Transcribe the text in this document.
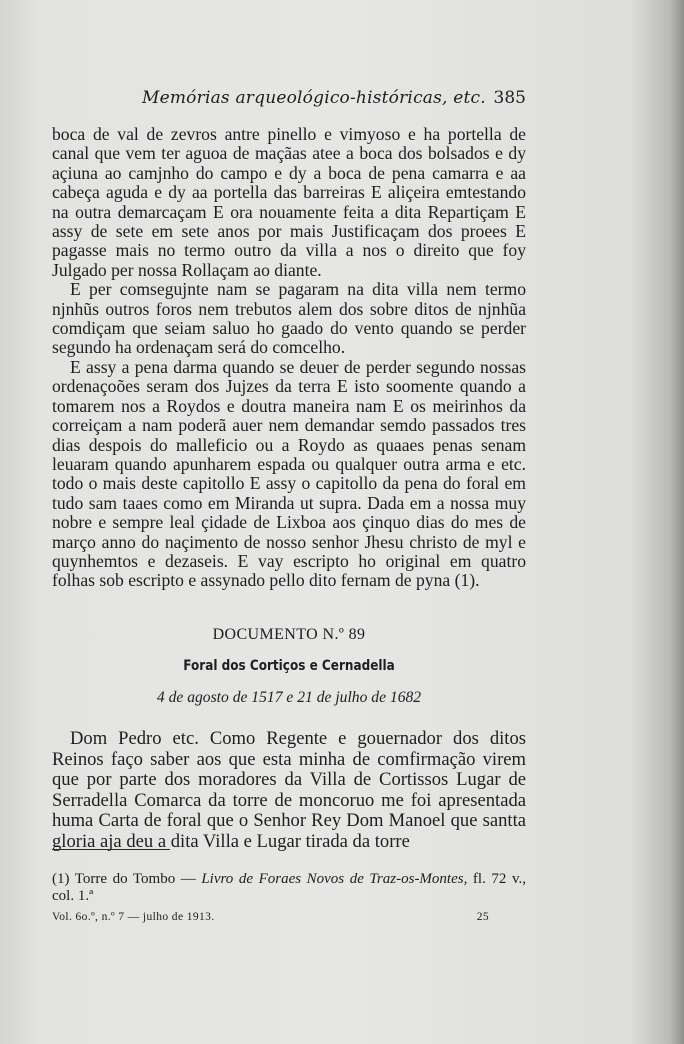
Memórias arqueológico-históricas, etc. 385

boca de val de zevros antre pinello e vimyoso e ha portella de canal que vem ter aguoa de maçãas atee a boca dos bolsados e dy açiuna ao camjnho do campo e dy a boca de pena camarra e aa cabeça aguda e dy aa portella das barreiras E aliçeira emtestando na outra demarcaçam E ora nouamente feita a dita Repartiçam E assy de sete em sete anos por mais Justificaçam dos proees E pagasse mais no termo outro da villa a nos o direito que foy Julgado per nossa Rollaçam ao diante.

E per comsegujnte nam se pagaram na dita villa nem termo njnhũs outros foros nem trebutos alem dos sobre ditos de njnhũa comdiçam que seiam saluo ho gaado do vento quando se perder segundo ha ordenaçam será do comcelho.

E assy a pena darma quando se deuer de perder segundo nossas ordenaçoões seram dos Jujzes da terra E isto soomente quando a tomarem nos a Roydos e doutra maneira nam E os meirinhos da correiçam a nam poderã auer nem demandar semdo passados tres dias despois do malleficio ou a Roydo as quaaes penas senam leuaram quando apunharem espada ou qualquer outra arma e etc. todo o mais deste capitollo E assy o capitollo da pena do foral em tudo sam taaes como em Miranda ut supra. Dada em a nossa muy nobre e sempre leal çidade de Lixboa aos çinquo dias do mes de março anno do naçimento de nosso senhor Jhesu christo de myl e quynhemtos e dezaseis. E vay escripto ho original em quatro folhas sob escripto e assynado pello dito fernam de pyna (1).

DOCUMENTO N.º 89

Foral dos Cortiços e Cernadella

4 de agosto de 1517 e 21 de julho de 1682

Dom Pedro etc. Como Regente e gouernador dos ditos Reinos faço saber aos que esta minha de comfirmação virem que por parte dos moradores da Villa de Cortissos Lugar de Serradella Comarca da torre de moncoruo me foi apresentada huma Carta de foral que o Senhor Rey Dom Manoel que santta gloria aja deu a dita Villa e Lugar tirada da torre

(1) Torre do Tombo — Livro de Foraes Novos de Traz-os-Montes, fl. 72 v., col. 1.ª
Vol. 6o.º, n.º 7 — julho de 1913.	25
